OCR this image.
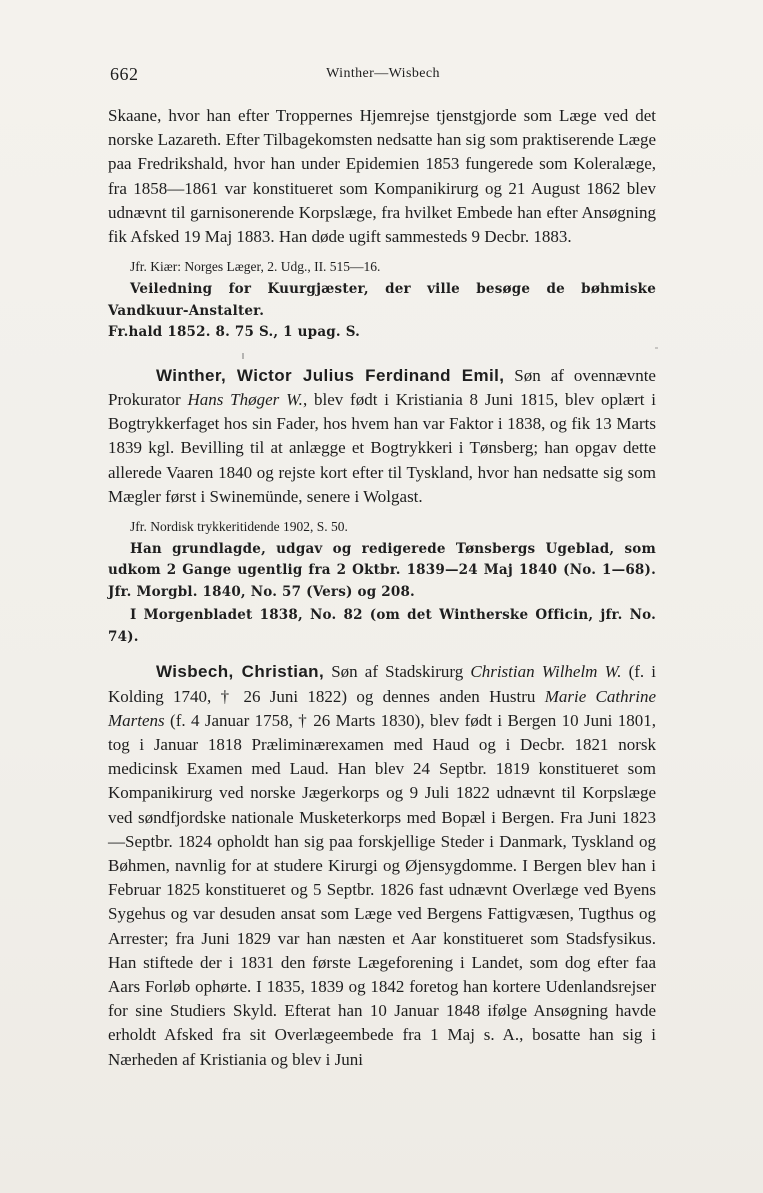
662	Winther—Wisbech

Skaane, hvor han efter Troppernes Hjemrejse tjenstgjorde som Læge ved det norske Lazareth. Efter Tilbagekomsten nedsatte han sig som praktiserende Læge paa Fredrikshald, hvor han under Epidemien 1853 fungerede som Koleralæge, fra 1858—1861 var konstitueret som Kompanikirurg og 21 August 1862 blev udnævnt til garnisonerende Korpslæge, fra hvilket Embede han efter Ansøgning fik Afsked 19 Maj 1883. Han døde ugift sammesteds 9 Decbr. 1883.

Jfr. Kiær: Norges Læger, 2. Udg., II. 515—16.

Veiledning for Kuurgjæster, der ville besøge de bøhmiske Vandkuur-Anstalter.

Fr.hald 1852. 8. 75 S., 1 upag. S.

Winther, Wictor Julius Ferdinand Emil, Søn af ovennævnte Prokurator Hans Thøger W., blev født i Kristiania 8 Juni 1815, blev oplært i Bogtrykkerfaget hos sin Fader, hos hvem han var Faktor i 1838, og fik 13 Marts 1839 kgl. Bevilling til at anlægge et Bogtrykkeri i Tønsberg; han opgav dette allerede Vaaren 1840 og rejste kort efter til Tyskland, hvor han nedsatte sig som Mægler først i Swinemünde, senere i Wolgast.

Jfr. Nordisk trykkeritidende 1902, S. 50.

Han grundlagde, udgav og redigerede Tønsbergs Ugeblad, som udkom 2 Gange ugentlig fra 2 Oktbr. 1839—24 Maj 1840 (No. 1—68). Jfr. Morgbl. 1840, No. 57 (Vers) og 208.

I Morgenbladet 1838, No. 82 (om det Wintherske Officin, jfr. No. 74).

Wisbech, Christian, Søn af Stadskirurg Christian Wilhelm W. (f. i Kolding 1740, † 26 Juni 1822) og dennes anden Hustru Marie Cathrine Martens (f. 4 Januar 1758, † 26 Marts 1830), blev født i Bergen 10 Juni 1801, tog i Januar 1818 Præliminærexamen med Haud og i Decbr. 1821 norsk medicinsk Examen med Laud. Han blev 24 Septbr. 1819 konstitueret som Kompanikirurg ved norske Jægerkorps og 9 Juli 1822 udnævnt til Korpslæge ved søndfjordske nationale Musketerkorps med Bopæl i Bergen. Fra Juni 1823—Septbr. 1824 opholdt han sig paa forskjellige Steder i Danmark, Tyskland og Bøhmen, navnlig for at studere Kirurgi og Øjensygdomme. I Bergen blev han i Februar 1825 konstitueret og 5 Septbr. 1826 fast udnævnt Overlæge ved Byens Sygehus og var desuden ansat som Læge ved Bergens Fattigvæsen, Tugthus og Arrester; fra Juni 1829 var han næsten et Aar konstitueret som Stadsfysikus. Han stiftede der i 1831 den første Lægeforening i Landet, som dog efter faa Aars Forløb ophørte. I 1835, 1839 og 1842 foretog han kortere Udenlandsrejser for sine Studiers Skyld. Efterat han 10 Januar 1848 ifølge Ansøgning havde erholdt Afsked fra sit Overlægeembede fra 1 Maj s. A., bosatte han sig i Nærheden af Kristiania og blev i Juni
